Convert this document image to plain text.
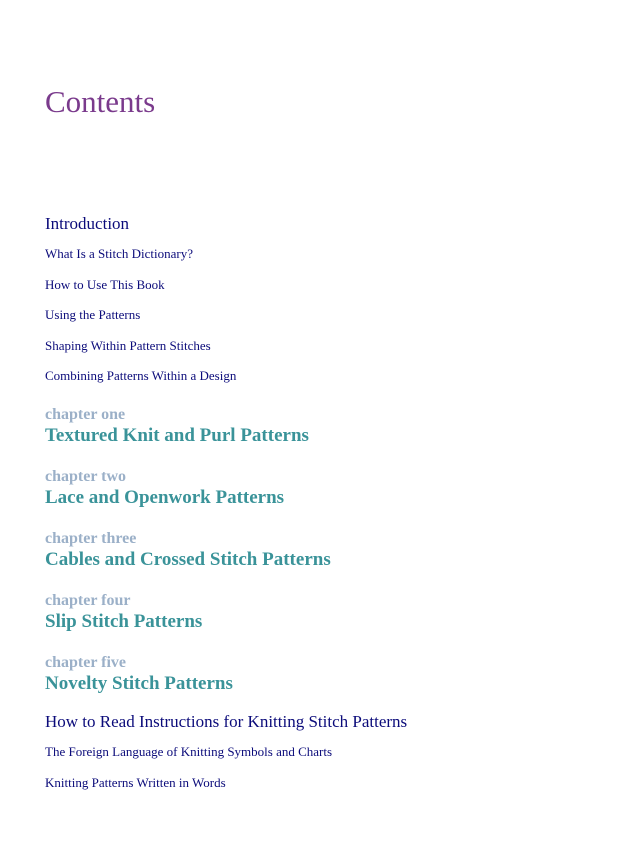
Contents
Introduction
What Is a Stitch Dictionary?
How to Use This Book
Using the Patterns
Shaping Within Pattern Stitches
Combining Patterns Within a Design
chapter one
Textured Knit and Purl Patterns
chapter two
Lace and Openwork Patterns
chapter three
Cables and Crossed Stitch Patterns
chapter four
Slip Stitch Patterns
chapter five
Novelty Stitch Patterns
How to Read Instructions for Knitting Stitch Patterns
The Foreign Language of Knitting Symbols and Charts
Knitting Patterns Written in Words
